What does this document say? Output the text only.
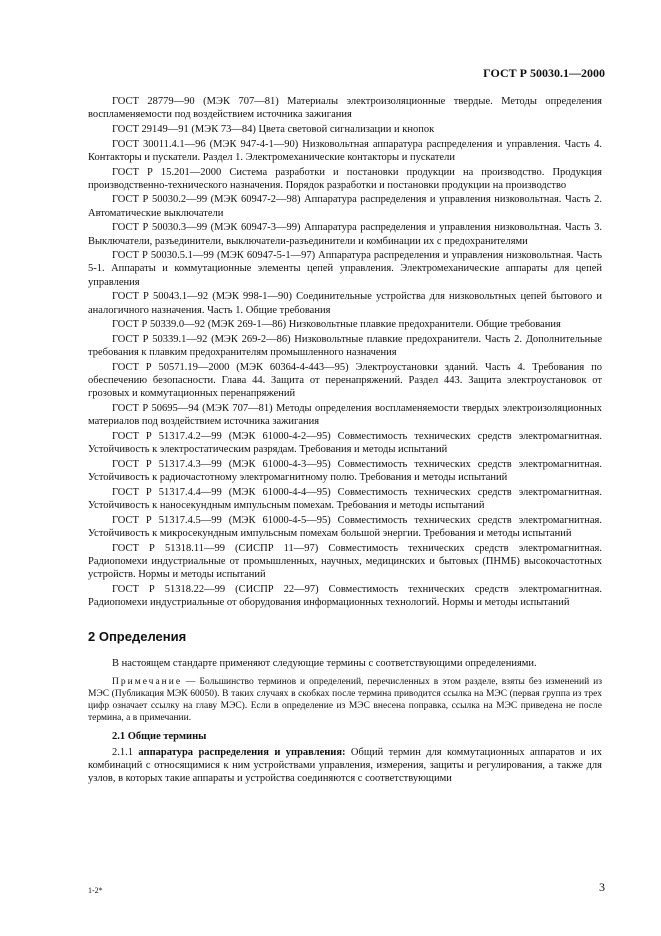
ГОСТ Р 50030.1—2000

ГОСТ 28779—90 (МЭК 707—81) Материалы электроизоляционные твердые. Методы определения воспламеняемости под воздействием источника зажигания

ГОСТ 29149—91 (МЭК 73—84) Цвета световой сигнализации и кнопок

ГОСТ 30011.4.1—96 (МЭК 947-4-1—90) Низковольтная аппаратура распределения и управления. Часть 4. Контакторы и пускатели. Раздел 1. Электромеханические контакторы и пускатели

ГОСТ Р 15.201—2000 Система разработки и постановки продукции на производство. Продукция производственно-технического назначения. Порядок разработки и постановки продукции на производство

ГОСТ Р 50030.2—99 (МЭК 60947-2—98) Аппаратура распределения и управления низковольтная. Часть 2. Автоматические выключатели

ГОСТ Р 50030.3—99 (МЭК 60947-3—99) Аппаратура распределения и управления низковольтная. Часть 3. Выключатели, разъединители, выключатели-разъединители и комбинации их с предохранителями

ГОСТ Р 50030.5.1—99 (МЭК 60947-5-1—97) Аппаратура распределения и управления низковольтная. Часть 5-1. Аппараты и коммутационные элементы цепей управления. Электромеханические аппараты для цепей управления

ГОСТ Р 50043.1—92 (МЭК 998-1—90) Соединительные устройства для низковольтных цепей бытового и аналогичного назначения. Часть 1. Общие требования

ГОСТ Р 50339.0—92 (МЭК 269-1—86) Низковольтные плавкие предохранители. Общие требования

ГОСТ Р 50339.1—92 (МЭК 269-2—86) Низковольтные плавкие предохранители. Часть 2. Дополнительные требования к плавким предохранителям промышленного назначения

ГОСТ Р 50571.19—2000 (МЭК 60364-4-443—95) Электроустановки зданий. Часть 4. Требования по обеспечению безопасности. Глава 44. Защита от перенапряжений. Раздел 443. Защита электроустановок от грозовых и коммутационных перенапряжений

ГОСТ Р 50695—94 (МЭК 707—81) Методы определения воспламеняемости твердых электроизоляционных материалов под воздействием источника зажигания

ГОСТ Р 51317.4.2—99 (МЭК 61000-4-2—95) Совместимость технических средств электромагнитная. Устойчивость к электростатическим разрядам. Требования и методы испытаний

ГОСТ Р 51317.4.3—99 (МЭК 61000-4-3—95) Совместимость технических средств электромагнитная. Устойчивость к радиочастотному электромагнитному полю. Требования и методы испытаний

ГОСТ Р 51317.4.4—99 (МЭК 61000-4-4—95) Совместимость технических средств электромагнитная. Устойчивость к наносекундным импульсным помехам. Требования и методы испытаний

ГОСТ Р 51317.4.5—99 (МЭК 61000-4-5—95) Совместимость технических средств электромагнитная. Устойчивость к микросекундным импульсным помехам большой энергии. Требования и методы испытаний

ГОСТ Р 51318.11—99 (СИСПР 11—97) Совместимость технических средств электромагнитная. Радиопомехи индустриальные от промышленных, научных, медицинских и бытовых (ПНМБ) высокочастотных устройств. Нормы и методы испытаний

ГОСТ Р 51318.22—99 (СИСПР 22—97) Совместимость технических средств электромагнитная. Радиопомехи индустриальные от оборудования информационных технологий. Нормы и методы испытаний

2 Определения

В настоящем стандарте применяют следующие термины с соответствующими определениями.

Примечание — Большинство терминов и определений, перечисленных в этом разделе, взяты без изменений из МЭС (Публикация МЭК 60050). В таких случаях в скобках после термина приводится ссылка на МЭС (первая группа из трех цифр означает ссылку на главу МЭС). Если в определение из МЭС внесена поправка, ссылка на МЭС приведена не после термина, а в примечании.

2.1 Общие термины

2.1.1 аппаратура распределения и управления: Общий термин для коммутационных аппаратов и их комбинаций с относящимися к ним устройствами управления, измерения, защиты и регулирования, а также для узлов, в которых такие аппараты и устройства соединяются с соответствующими

1-2*	3
